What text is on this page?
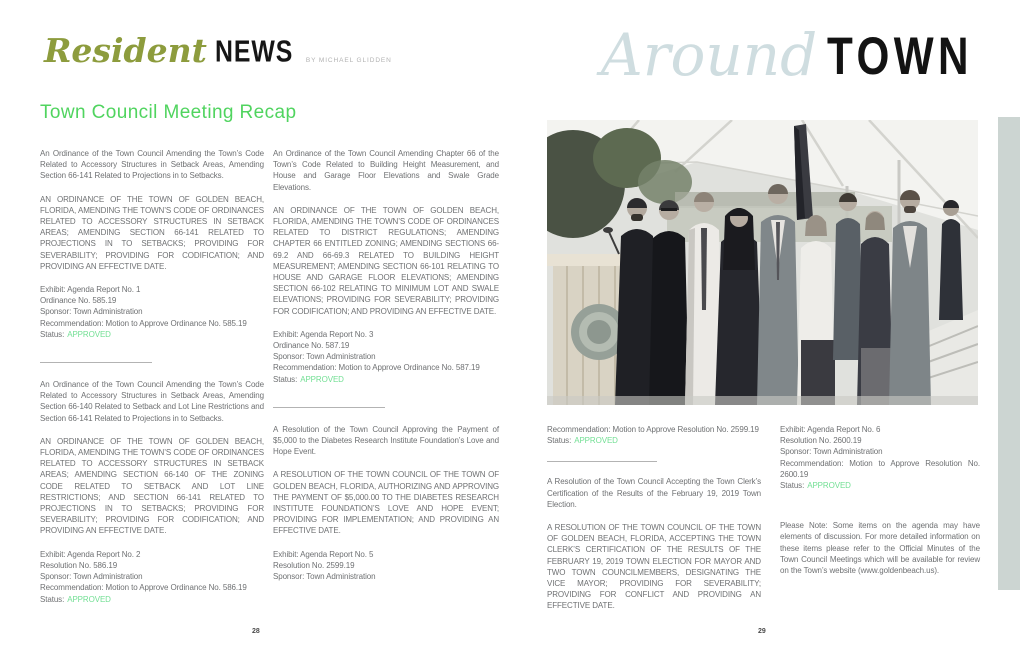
Resident NEWS BY MICHAEL GLIDDEN
Town Council Meeting Recap

An Ordinance of the Town Council Amending the Town’s Code Related to Accessory Structures in Setback Areas, Amending Section 66-141 Related to Projections in to Setbacks.

AN ORDINANCE OF THE TOWN OF GOLDEN BEACH, FLORIDA, AMENDING THE TOWN’S CODE OF ORDINANCES RELATED TO ACCESSORY STRUCTURES IN SETBACK AREAS; AMENDING SECTION 66-141 RELATED TO PROJECTIONS IN TO SETBACKS; PROVIDING FOR SEVERABILITY; PROVIDING FOR CODIFICATION; AND PROVIDING AN EFFECTIVE DATE.

Exhibit: Agenda Report No. 1
Ordinance No. 585.19
Sponsor: Town Administration
Recommendation: Motion to Approve Ordinance No. 585.19
Status: APPROVED

An Ordinance of the Town Council Amending the Town’s Code Related to Accessory Structures in Setback Areas, Amending Section 66-140 Related to Setback and Lot Line Restrictions and Section 66-141 Related to Projections in to Setbacks.

AN ORDINANCE OF THE TOWN OF GOLDEN BEACH, FLORIDA, AMENDING THE TOWN’S CODE OF ORDINANCES RELATED TO ACCESSORY STRUCTURES IN SETBACK AREAS; AMENDING SECTION 66-140 OF THE ZONING CODE RELATED TO SETBACK AND LOT LINE RESTRICTIONS; AND SECTION 66-141 RELATED TO PROJECTIONS IN TO SETBACKS; PROVIDING FOR SEVERABILITY; PROVIDING FOR CODIFICATION; AND PROVIDING AN EFFECTIVE DATE.

Exhibit: Agenda Report No. 2
Resolution No. 586.19
Sponsor: Town Administration
Recommendation: Motion to Approve Ordinance No. 586.19
Status: APPROVED

An Ordinance of the Town Council Amending Chapter 66 of the Town’s Code Related to Building Height Measurement, and House and Garage Floor Elevations and Swale Grade Elevations.

AN ORDINANCE OF THE TOWN OF GOLDEN BEACH, FLORIDA, AMENDING THE TOWN’S CODE OF ORDINANCES RELATED TO DISTRICT REGULATIONS; AMENDING CHAPTER 66 ENTITLED ZONING; AMENDING SECTIONS 66-69.2 AND 66-69.3 RELATED TO BUILDING HEIGHT MEASUREMENT; AMENDING SECTION 66-101 RELATING TO HOUSE AND GARAGE FLOOR ELEVATIONS; AMENDING SECTION 66-102 RELATING TO MINIMUM LOT AND SWALE ELEVATIONS; PROVIDING FOR SEVERABILITY; PROVIDING FOR CODIFICATION; AND PROVIDING AN EFFECTIVE DATE.

Exhibit: Agenda Report No. 3
Ordinance No. 587.19
Sponsor: Town Administration
Recommendation: Motion to Approve Ordinance No. 587.19
Status: APPROVED

A Resolution of the Town Council Approving the Payment of $5,000 to the Diabetes Research Institute Foundation’s Love and Hope Event.

A RESOLUTION OF THE TOWN COUNCIL OF THE TOWN OF GOLDEN BEACH, FLORIDA, AUTHORIZING AND APPROVING THE PAYMENT OF $5,000.00 TO THE DIABETES RESEARCH INSTITUTE FOUNDATION’S LOVE AND HOPE EVENT; PROVIDING FOR IMPLEMENTATION; AND PROVIDING AN EFFECTIVE DATE.

Exhibit: Agenda Report No. 5
Resolution No. 2599.19
Sponsor: Town Administration
Around TOWN
Recommendation: Motion to Approve Resolution No. 2599.19
Status: APPROVED

A Resolution of the Town Council Accepting the Town Clerk’s Certification of the Results of the February 19, 2019 Town Election.

A RESOLUTION OF THE TOWN COUNCIL OF THE TOWN OF GOLDEN BEACH, FLORIDA, ACCEPTING THE TOWN CLERK’S CERTIFICATION OF THE RESULTS OF THE FEBRUARY 19, 2019 TOWN ELECTION FOR MAYOR AND TWO TOWN COUNCILMEMBERS, DESIGNATING THE VICE MAYOR; PROVIDING FOR SEVERABILITY; PROVIDING FOR CONFLICT AND PROVIDING AN EFFECTIVE DATE.

Exhibit: Agenda Report No. 6
Resolution No. 2600.19
Sponsor: Town Administration
Recommendation: Motion to Approve Resolution No. 2600.19
Status: APPROVED
Please Note: Some items on the agenda may have elements of discussion. For more detailed information on these items please refer to the Official Minutes of the Town Council Meetings which will be available for review on the Town’s website (www.goldenbeach.us).
28	29
